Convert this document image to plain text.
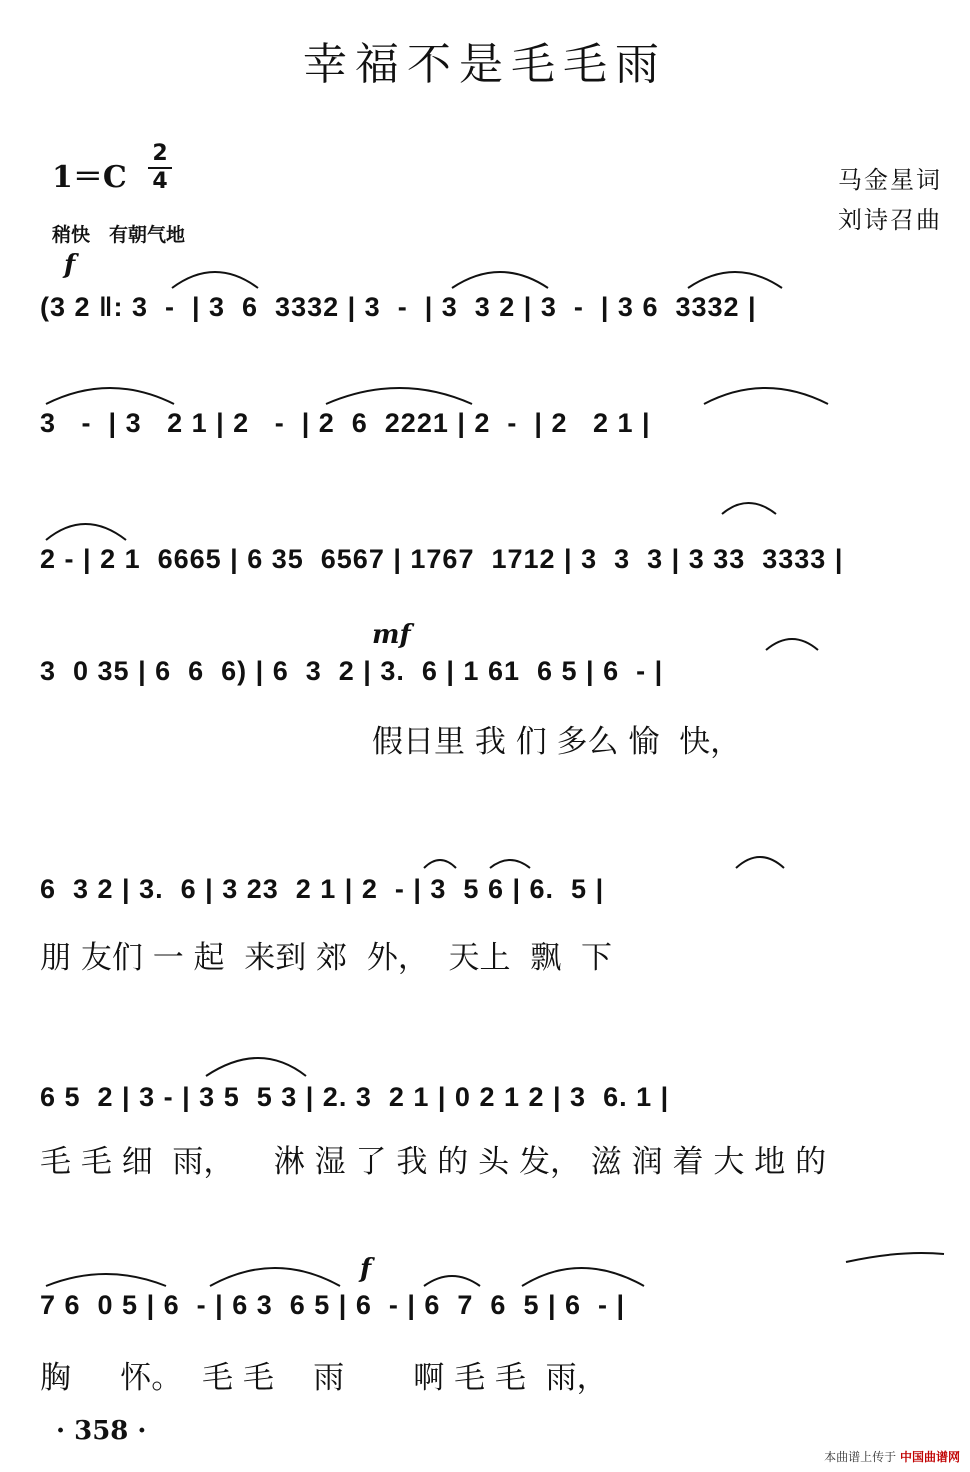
幸福不是毛毛雨
1＝C
2
4
稍快　有朝气地
马金星词
刘诗召曲
f
mf
f
(3 2 ‖: 3  -  | 3  6  3332 | 3  -  | 3  3 2 | 3  -  | 3 6  3332 |
3   -  | 3   2 1 | 2   -  | 2  6  2221 | 2  -  | 2   2 1 |
2 - | 2 1  6665 | 6 35  6567 | 1767  1712 | 3  3  3 | 3 33  3333 |
3  0 35 | 6  6  6) | 6  3  2 | 3.  6 | 1 61  6 5 | 6  - |
假日里 我 们 多么 愉  快，
6  3 2 | 3.  6 | 3 23  2 1 | 2  - | 3  5 6 | 6.  5 |
朋 友们 一 起  来到 郊  外，  天上  飘  下
6 5  2 | 3 - | 3 5  5 3 | 2. 3  2 1 | 0 2 1 2 | 3  6. 1 |
毛 毛 细  雨，    淋 湿 了 我 的 头 发， 滋 润 着 大 地 的
7 6  0 5 | 6  - | 6 3  6 5 | 6  - | 6  7  6  5 | 6  - |
胸     怀。  毛 毛    雨       啊 毛 毛  雨，
· 358 ·
本曲谱上传于 中国曲谱网
